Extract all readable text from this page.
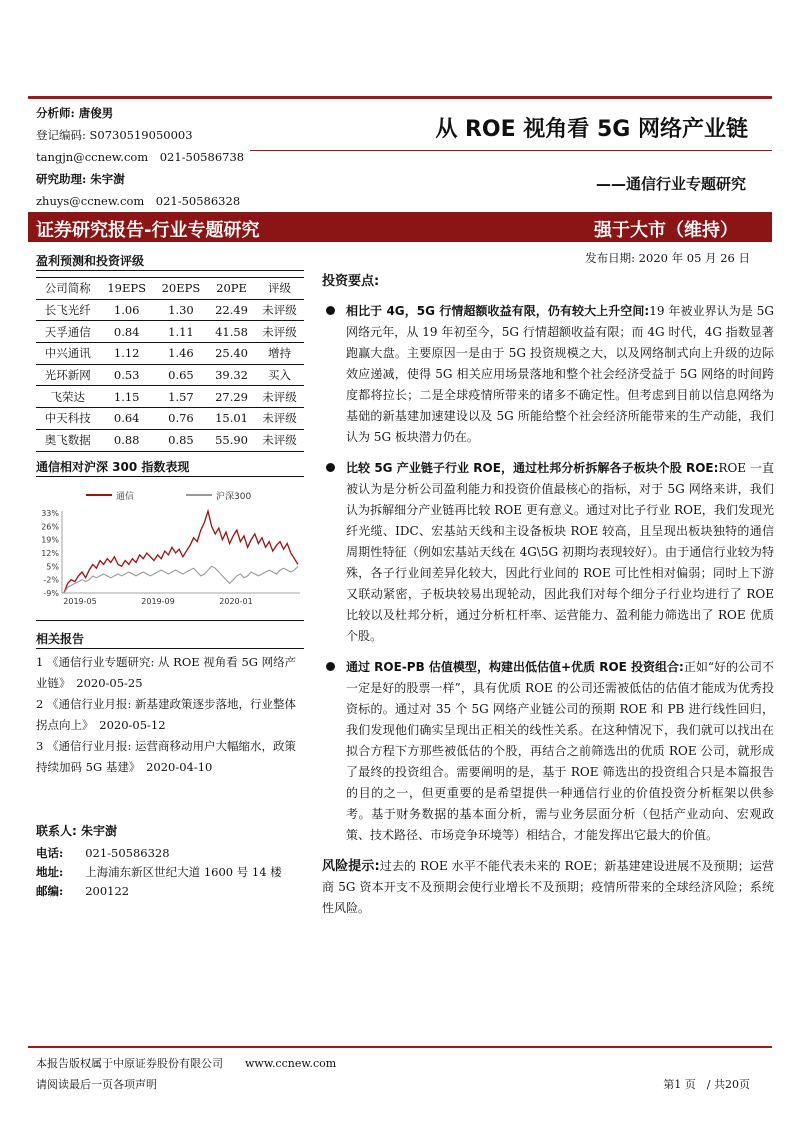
分析师: 唐俊男
登记编码: S0730519050003
tangjn@ccnew.com　021-50586738
研究助理: 朱宇澍
zhuys@ccnew.com　021-50586328
从 ROE 视角看 5G 网络产业链
——通信行业专题研究
证券研究报告-行业专题研究	强于大市（维持）
发布日期: 2020 年 05 月 26 日
盈利预测和投资评级
公司简称	19EPS	20EPS	20PE	评级
长飞光纤	1.06	1.30	22.49	未评级
天孚通信	0.84	1.11	41.58	未评级
中兴通讯	1.12	1.46	25.40	增持
光环新网	0.53	0.65	39.32	买入
飞荣达	1.15	1.57	27.29	未评级
中天科技	0.64	0.76	15.01	未评级
奥飞数据	0.88	0.85	55.90	未评级
通信相对沪深 300 指数表现
通信	沪深300
33%
26%
19%
12%
5%
-2%
-9%
2019-05	2019-09	2020-01
相关报告
1 《通信行业专题研究: 从 ROE 视角看 5G 网络产业链》　2020-05-25
2 《通信行业月报: 新基建政策逐步落地，行业整体拐点向上》　2020-05-12
3 《通信行业月报: 运营商移动用户大幅缩水，政策持续加码 5G 基建》　2020-04-10
联系人: 朱宇澍
电话: 021-50586328
地址: 上海浦东新区世纪大道 1600 号 14 楼
邮编: 200122
投资要点:
相比于 4G，5G 行情超额收益有限，仍有较大上升空间:19 年被业界认为是 5G 网络元年，从 19 年初至今，5G 行情超额收益有限；而 4G 时代，4G 指数显著跑赢大盘。主要原因一是由于 5G 投资规模之大，以及网络制式向上升级的边际效应递减，使得 5G 相关应用场景落地和整个社会经济受益于 5G 网络的时间跨度都将拉长；二是全球疫情所带来的诸多不确定性。但考虑到目前以信息网络为基础的新基建加速建设以及 5G 所能给整个社会经济所能带来的生产动能，我们认为 5G 板块潜力仍在。
比较 5G 产业链子行业 ROE，通过杜邦分析拆解各子板块个股 ROE:ROE 一直被认为是分析公司盈利能力和投资价值最核心的指标，对于 5G 网络来讲，我们认为拆解细分产业链再比较 ROE 更有意义。通过对比子行业 ROE，我们发现光纤光缆、IDC、宏基站天线和主设备板块 ROE 较高，且呈现出板块独特的通信周期性特征（例如宏基站天线在 4G\5G 初期均表现较好）。由于通信行业较为特殊，各子行业间差异化较大，因此行业间的 ROE 可比性相对偏弱；同时上下游又联动紧密，子板块较易出现轮动，因此我们对每个细分子行业均进行了 ROE 比较以及杜邦分析，通过分析杠杆率、运营能力、盈利能力筛选出了 ROE 优质个股。
通过 ROE-PB 估值模型，构建出低估值+优质 ROE 投资组合:正如“好的公司不一定是好的股票一样”，具有优质 ROE 的公司还需被低估的估值才能成为优秀投资标的。通过对 35 个 5G 网络产业链公司的预期 ROE 和 PB 进行线性回归，我们发现他们确实呈现出正相关的线性关系。在这种情况下，我们就可以找出在拟合方程下方那些被低估的个股，再结合之前筛选出的优质 ROE 公司，就形成了最终的投资组合。需要阐明的是，基于 ROE 筛选出的投资组合只是本篇报告的目的之一，但更重要的是希望提供一种通信行业的价值投资分析框架以供参考。基于财务数据的基本面分析，需与业务层面分析（包括产业动向、宏观政策、技术路径、市场竞争环境等）相结合，才能发挥出它最大的价值。
风险提示:过去的 ROE 水平不能代表未来的 ROE；新基建建设进展不及预期；运营商 5G 资本开支不及预期会使行业增长不及预期；疫情所带来的全球经济风险；系统性风险。
本报告版权属于中原证券股份有限公司　　www.ccnew.com
请阅读最后一页各项声明	第1 页　/ 共20页
